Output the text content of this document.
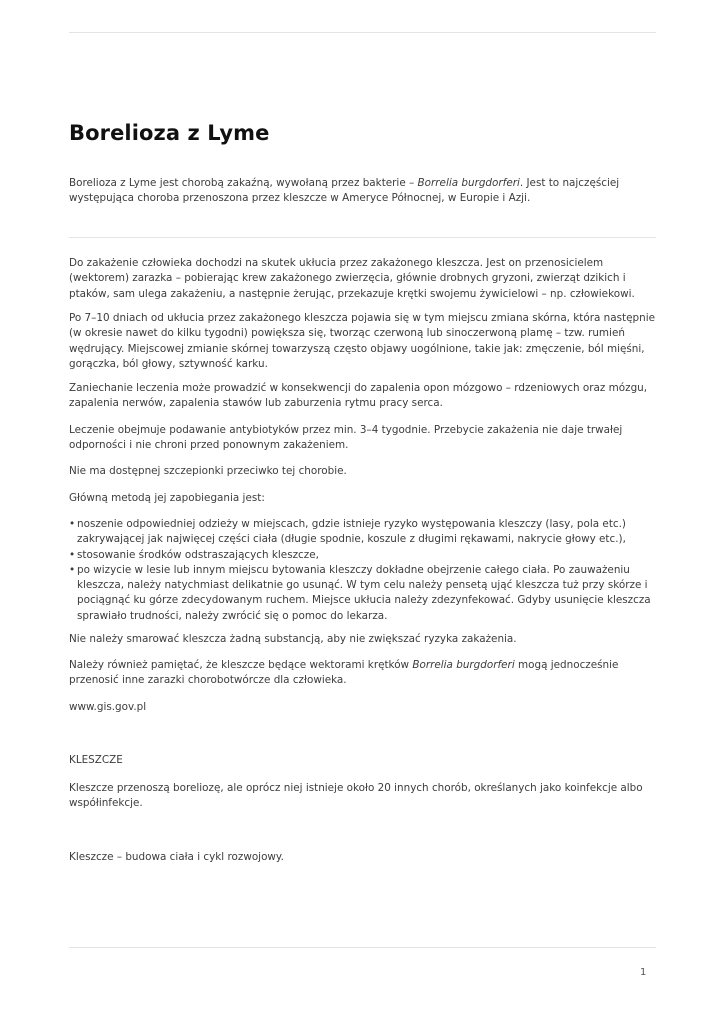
Borelioza z Lyme

Borelioza z Lyme jest chorobą zakaźną, wywołaną przez bakterie – Borrelia burgdorferi. Jest to najczęściej występująca choroba przenoszona przez kleszcze w Ameryce Północnej, w Europie i Azji.

Do zakażenie człowieka dochodzi na skutek ukłucia przez zakażonego kleszcza. Jest on przenosicielem (wektorem) zarazka – pobierając krew zakażonego zwierzęcia, głównie drobnych gryzoni, zwierząt dzikich i ptaków, sam ulega zakażeniu, a następnie żerując, przekazuje krętki swojemu żywicielowi – np. człowiekowi.

Po 7–10 dniach od ukłucia przez zakażonego kleszcza pojawia się w tym miejscu zmiana skórna, która następnie (w okresie nawet do kilku tygodni) powiększa się, tworząc czerwoną lub sinoczerwoną plamę – tzw. rumień wędrujący. Miejscowej zmianie skórnej towarzyszą często objawy uogólnione, takie jak: zmęczenie, ból mięśni, gorączka, ból głowy, sztywność karku.

Zaniechanie leczenia może prowadzić w konsekwencji do zapalenia opon mózgowo – rdzeniowych oraz mózgu, zapalenia nerwów, zapalenia stawów lub zaburzenia rytmu pracy serca.

Leczenie obejmuje podawanie antybiotyków przez min. 3–4 tygodnie. Przebycie zakażenia nie daje trwałej odporności i nie chroni przed ponownym zakażeniem.

Nie ma dostępnej szczepionki przeciwko tej chorobie.

Główną metodą jej zapobiegania jest:

• noszenie odpowiedniej odzieży w miejscach, gdzie istnieje ryzyko występowania kleszczy (lasy, pola etc.) zakrywającej jak najwięcej części ciała (długie spodnie, koszule z długimi rękawami, nakrycie głowy etc.),
• stosowanie środków odstraszających kleszcze,
• po wizycie w lesie lub innym miejscu bytowania kleszczy dokładne obejrzenie całego ciała. Po zauważeniu kleszcza, należy natychmiast delikatnie go usunąć. W tym celu należy pensetą ująć kleszcza tuż przy skórze i pociągnąć ku górze zdecydowanym ruchem. Miejsce ukłucia należy zdezynfekować. Gdyby usunięcie kleszcza sprawiało trudności, należy zwrócić się o pomoc do lekarza.

Nie należy smarować kleszcza żadną substancją, aby nie zwiększać ryzyka zakażenia.

Należy również pamiętać, że kleszcze będące wektorami krętków Borrelia burgdorferi mogą jednocześnie przenosić inne zarazki chorobotwórcze dla człowieka.

www.gis.gov.pl

KLESZCZE

Kleszcze przenoszą boreliozę, ale oprócz niej istnieje około 20 innych chorób, określanych jako koinfekcje albo współinfekcje.

Kleszcze – budowa ciała i cykl rozwojowy.

1
